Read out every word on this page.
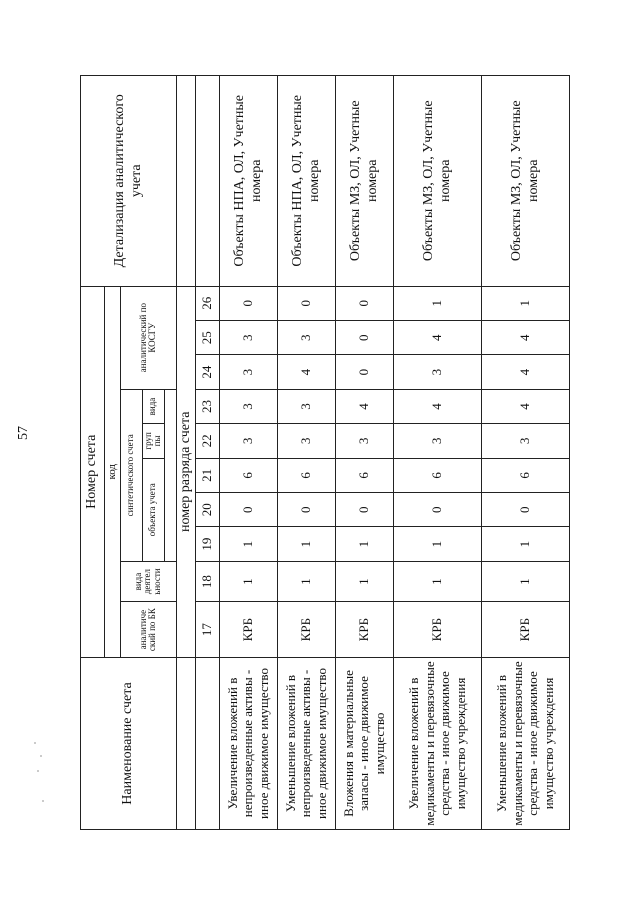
57
Наименование счета	Номер счета										Детализация аналитического учета
	код										
	аналитиче ский по БК	вида деятел ьности	синтетического счета					аналитический по КОСГУ			
			объекта учета			груп пы	вида				

	номер разряда счета										
	17	18	19	20	21	22	23	24	25	26	
Увеличение вложений в непроизведенные активы - иное движимое имущество	КРБ	1	1	0	6	3	3	3	3	0	Объекты НПА, ОЛ, Учетные номера
Уменьшение вложений в непроизведенные активы - иное движимое имущество	КРБ	1	1	0	6	3	3	4	3	0	Объекты НПА, ОЛ, Учетные номера
Вложения в материальные запасы - иное движимое имущество	КРБ	1	1	0	6	3	4	0	0	0	Объекты МЗ, ОЛ, Учетные номера
Увеличение вложений в медикаменты и перевязочные средства - иное движимое имущество учреждения	КРБ	1	1	0	6	3	4	3	4	1	Объекты МЗ, ОЛ, Учетные номера
Уменьшение вложений в медикаменты и перевязочные средства - иное движимое имущество учреждения	КРБ	1	1	0	6	3	4	4	4	1	Объекты МЗ, ОЛ, Учетные номера
